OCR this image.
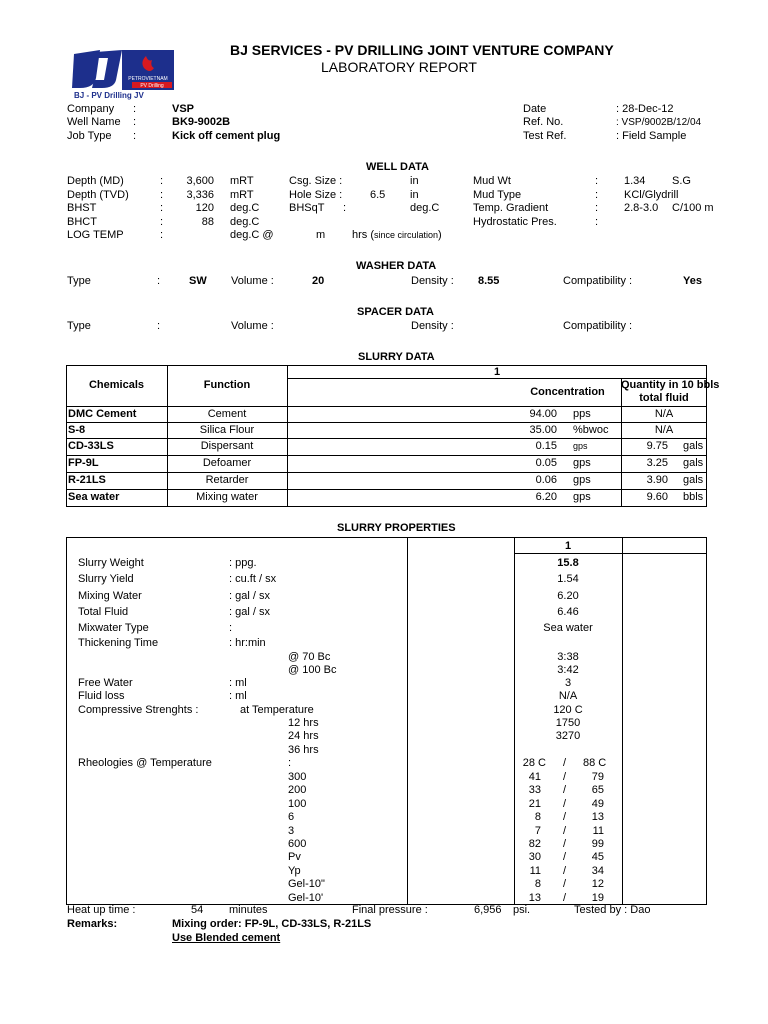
PETROVIETNAM
PV Drilling
BJ - PV Drilling JV
BJ SERVICES - PV DRILLING JOINT VENTURE COMPANY
LABORATORY REPORT
Company :	VSP
Well Name :	BK9-9002B
Job Type :	Kick off cement plug
Date	: 28-Dec-12
Ref. No.	: VSP/9002B/12/04
Test Ref.	: Field Sample
WELL DATA
Depth (MD)	:	3,600 mRT	Csg. Size :	in	Mud Wt	: 1.34 S.G
Depth (TVD)	:	3,336 mRT	Hole Size :	6.5 in	Mud Type	: KCl/Glydrill
BHST	:	120 deg.C	BHSqT :	deg.C	Temp. Gradient	: 2.8-3.0 C/100 m
BHCT	:	88 deg.C	Hydrostatic Pres.	:
LOG TEMP	:	deg.C @	m hrs (since circulation)
WASHER DATA
Type	:	SW Volume :	20	Density : 8.55	Compatibility :	Yes
SPACER DATA
Type	:	Volume :	Density :	Compatibility :
SLURRY DATA
Chemicals	Function
1
Concentration
Quantity in 10 bbls
total fluid
DMC Cement	Cement	94.00 pps	N/A
S-8	Silica Flour	35.00 %bwoc	N/A
CD-33LS	Dispersant	0.15 gps	9.75 gals
FP-9L	Defoamer	0.05 gps	3.25 gals
R-21LS	Retarder	0.06 gps	3.90 gals
Sea water	Mixing water	6.20 gps	9.60 bbls
SLURRY PROPERTIES
1
Slurry Weight	: ppg.	15.8
Slurry Yield	: cu.ft / sx	1.54
Mixing Water	: gal / sx	6.20
Total Fluid	: gal / sx	6.46
Mixwater Type	:	Sea water
Thickening Time	: hr:min
@ 70 Bc	3:38
@ 100 Bc	3:42
Free Water	: ml	3
Fluid loss	: ml	N/A
Compressive Strenghts :	at Temperature	120 C
12 hrs	1750
24 hrs	3270
36 hrs
Rheologies @ Temperature	:	28 C / 88 C
300	41 /	79
200	33 /	65
100	21 /	49
6	8 /	13
3	7 /	11
600	82 /	99
Pv	30 /	45
Yp	11 /	34
Gel-10"	8 /	12
Gel-10'	13 /	19
Heat up time :	54 minutes	Final pressure :	6,956 psi.	Tested by : Dao
Remarks:	Mixing order: FP-9L, CD-33LS, R-21LS
Use Blended cement
